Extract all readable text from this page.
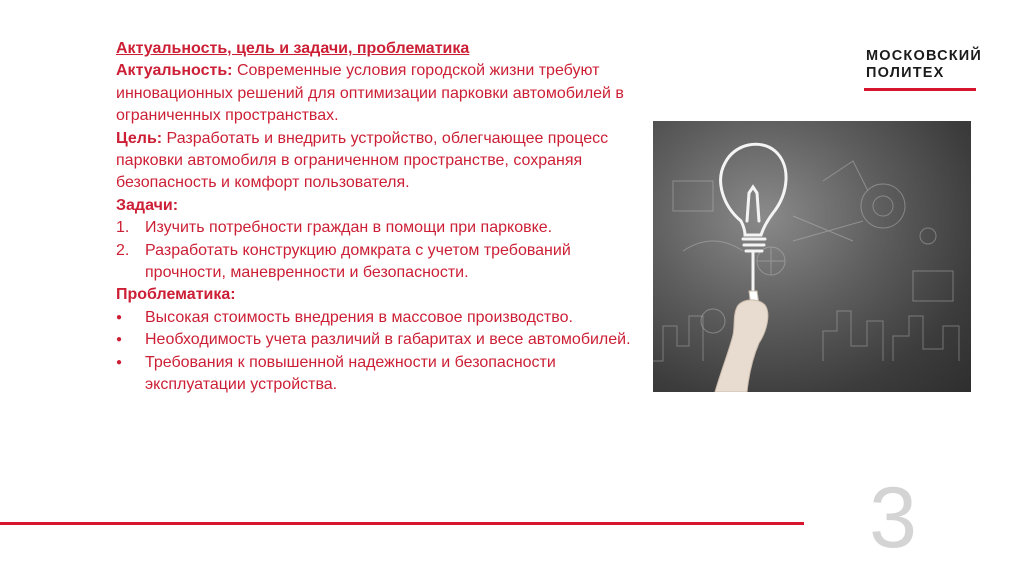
МОСКОВСКИЙ
ПОЛИТЕХ
Актуальность, цель и задачи, проблематика

Актуальность: Современные условия городской жизни требуют инновационных решений для оптимизации парковки автомобилей в ограниченных пространствах.

Цель: Разработать и внедрить устройство, облегчающее процесс парковки автомобиля в ограниченном пространстве, сохраняя безопасность и комфорт пользователя.

Задачи:
1. Изучить потребности граждан в помощи при парковке.
2. Разработать конструкцию домкрата с учетом требований прочности, маневренности и безопасности.
Проблематика:
● Высокая стоимость внедрения в массовое производство.
● Необходимость учета различий в габаритах и весе автомобилей.
● Требования к повышенной надежности и безопасности эксплуатации устройства.
3
